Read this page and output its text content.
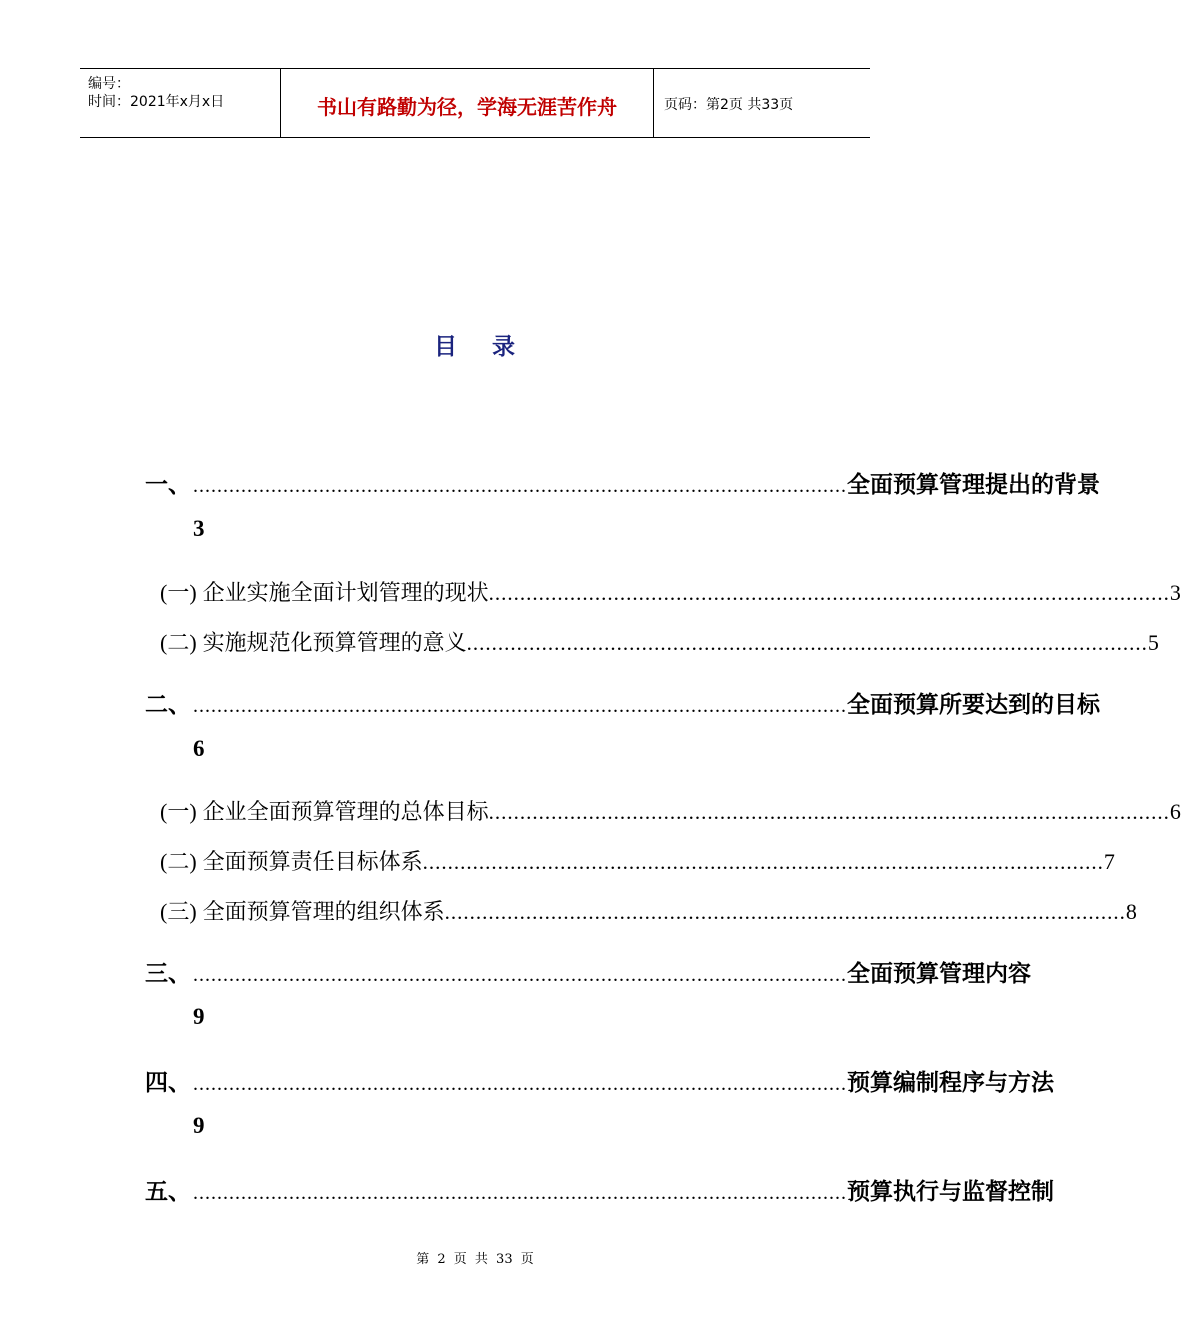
编号：
时间：2021年x月x日	书山有路勤为径，学海无涯苦作舟	页码：第2页 共33页
目 录
一、 ............................................................................................................. 全面预算管理提出的背景
3
(一) 企业实施全面计划管理的现状 ............................................................................................................. 3
(二) 实施规范化预算管理的意义 ............................................................................................................. 5
二、 ............................................................................................................. 全面预算所要达到的目标
6
(一) 企业全面预算管理的总体目标 ............................................................................................................. 6
(二) 全面预算责任目标体系 ............................................................................................................. 7
(三) 全面预算管理的组织体系 ............................................................................................................. 8
三、 ............................................................................................................. 全面预算管理内容
9
四、 ............................................................................................................. 预算编制程序与方法
9
五、 ............................................................................................................. 预算执行与监督控制
第 2 页 共 33 页
